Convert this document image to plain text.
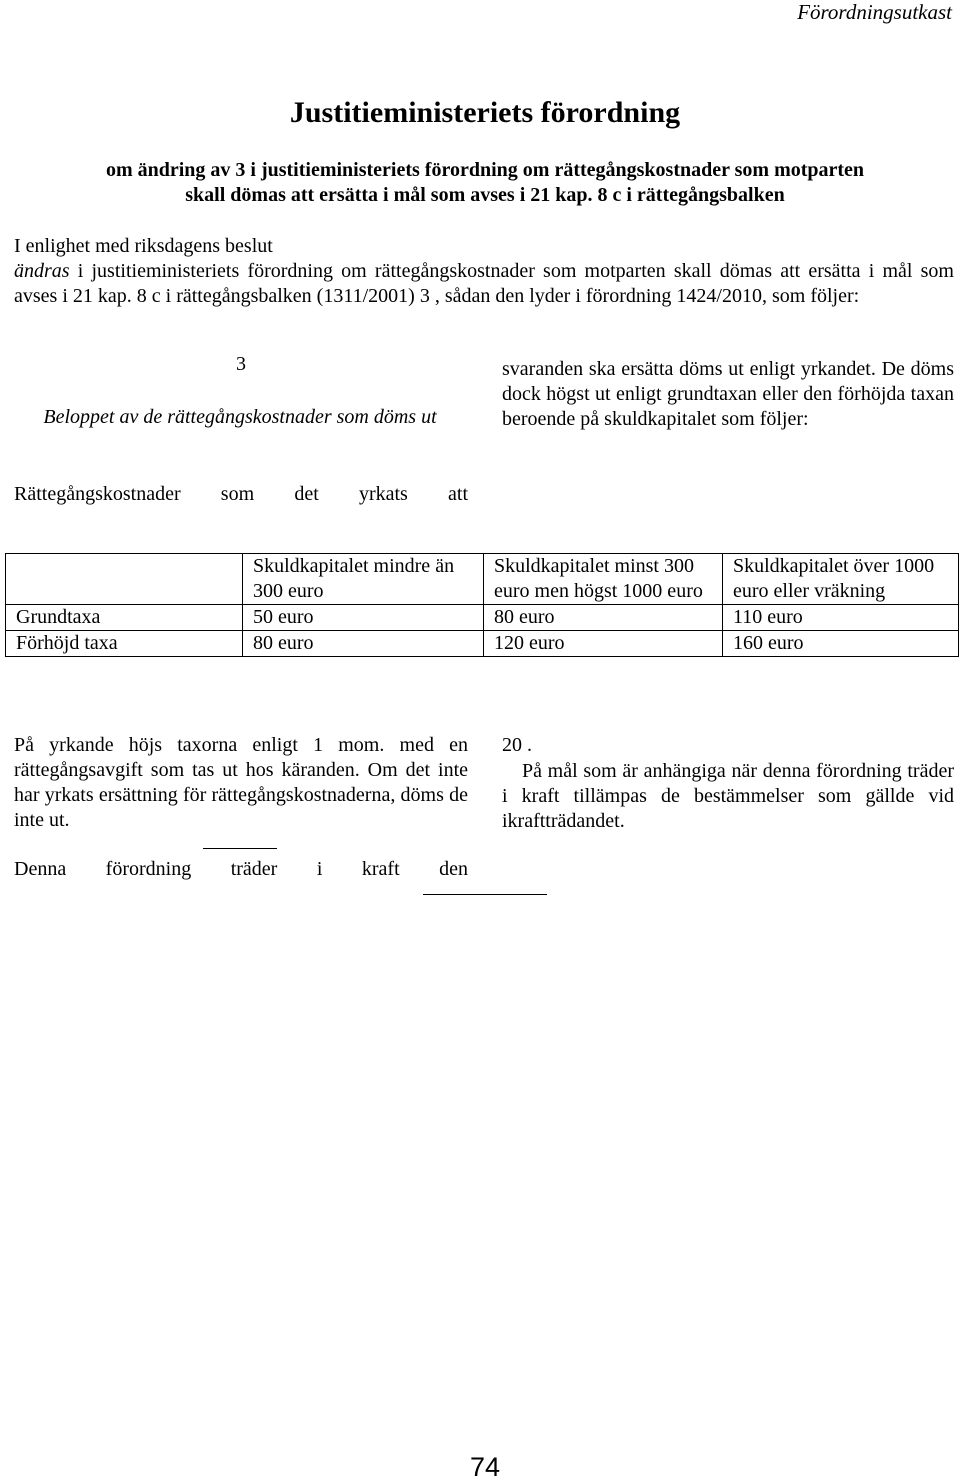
Förordningsutkast
Justitieministeriets förordning
om ändring av 3 i justitieministeriets förordning om rättegångskostnader som motparten
skall dömas att ersätta i mål som avses i 21 kap. 8 c i rättegångsbalken
I enlighet med riksdagens beslut
ändras i justitieministeriets förordning om rättegångskostnader som motparten skall dömas att ersätta i mål som avses i 21 kap. 8 c i rättegångsbalken (1311/2001) 3 , sådan den lyder i förordning 1424/2010, som följer:
3
Beloppet av de rättegångskostnader som döms ut
Rättegångskostnader som det yrkats att
svaranden ska ersätta döms ut enligt yrkandet. De döms dock högst ut enligt grundtaxan eller den förhöjda taxan beroende på skuldkapitalet som följer:
	Skuldkapitalet mindre än 300 euro	Skuldkapitalet minst 300 euro men högst 1000 euro	Skuldkapitalet över 1000 euro eller vräkning
Grundtaxa	50 euro	80 euro	110 euro
Förhöjd taxa	80 euro	120 euro	160 euro
På yrkande höjs taxorna enligt 1 mom. med en rättegångsavgift som tas ut hos käranden. Om det inte har yrkats ersättning för rättegångskostnaderna, döms de inte ut.
Denna förordning träder i kraft den
20 .
På mål som är anhängiga när denna förordning träder i kraft tillämpas de bestämmelser som gällde vid ikraftträdandet.
74
